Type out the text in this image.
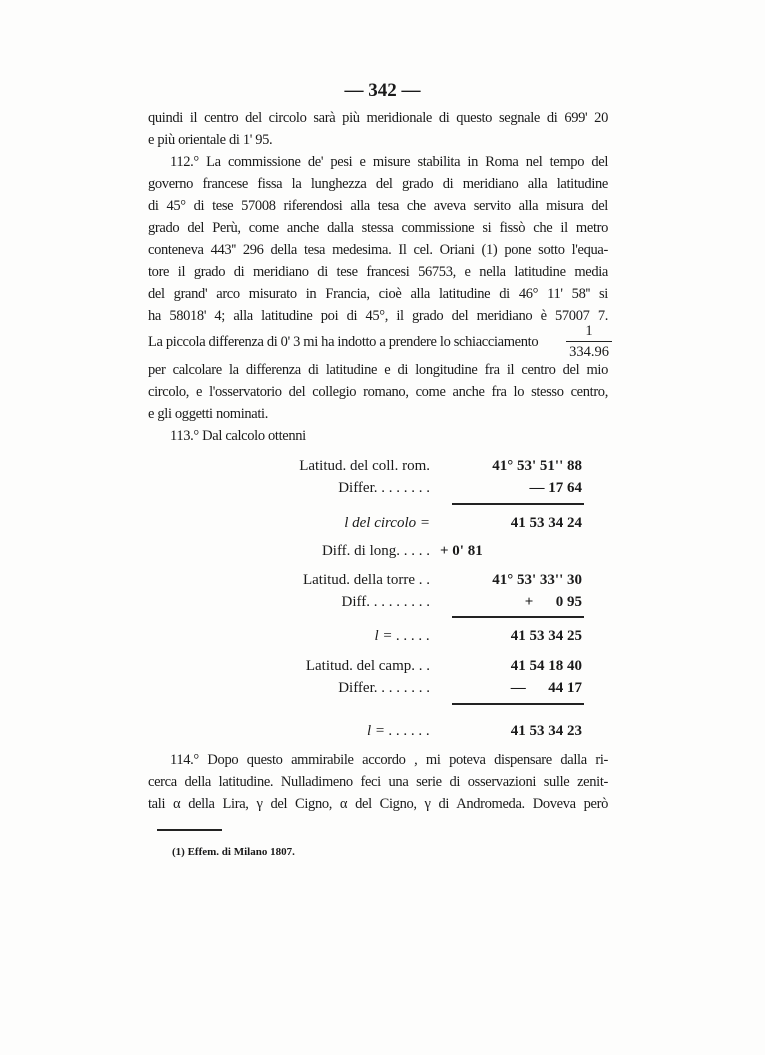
— 342 —
quindi il centro del circolo sarà più meridionale di questo segnale di 699' 20
e più orientale di 1' 95.
112.° La commissione de' pesi e misure stabilita in Roma nel tempo del
governo francese fissa la lunghezza del grado di meridiano alla latitudine
di 45° di tese 57008 riferendosi alla tesa che aveva servito alla misura del
grado del Perù, come anche dalla stessa commissione si fissò che il metro
conteneva 443'' 296 della tesa medesima. Il cel. Oriani (1) pone sotto l'equa-
tore il grado di meridiano di tese francesi 56753, e nella latitudine media
del grand' arco misurato in Francia, cioè alla latitudine di 46° 11' 58'' si
ha 58018' 4; alla latitudine poi di 45°, il grado del meridiano è 57007 7.
La piccola differenza di 0' 3 mi ha indotto a prendere lo schiacciamento
1
334.96
per calcolare la differenza di latitudine e di longitudine fra il centro del mio
circolo, e l'osservatorio del collegio romano, come anche fra lo stesso centro,
e gli oggetti nominati.
113.° Dal calcolo ottenni
Latitud. del coll. rom.	41° 53' 51'' 88
Differ. . . . . . . .	— 17 64
l del circolo =	41 53 34 24
Diff. di long. . . . . + 0' 81
Latitud. della torre . .	41° 53' 33'' 30
Diff. . . . . . . . .	+      0 95
l = . . . . .	41 53 34 25
Latitud. del camp. . .	41 54 18 40
Differ. . . . . . . .	—      44 17
l = . . . . . .	41 53 34 23
114.° Dopo questo ammirabile accordo , mi poteva dispensare dalla ri-
cerca della latitudine. Nulladimeno feci una serie di osservazioni sulle zenit-
tali α della Lira, γ del Cigno, α del Cigno, γ di Andromeda. Doveva però
(1) Effem. di Milano 1807.
